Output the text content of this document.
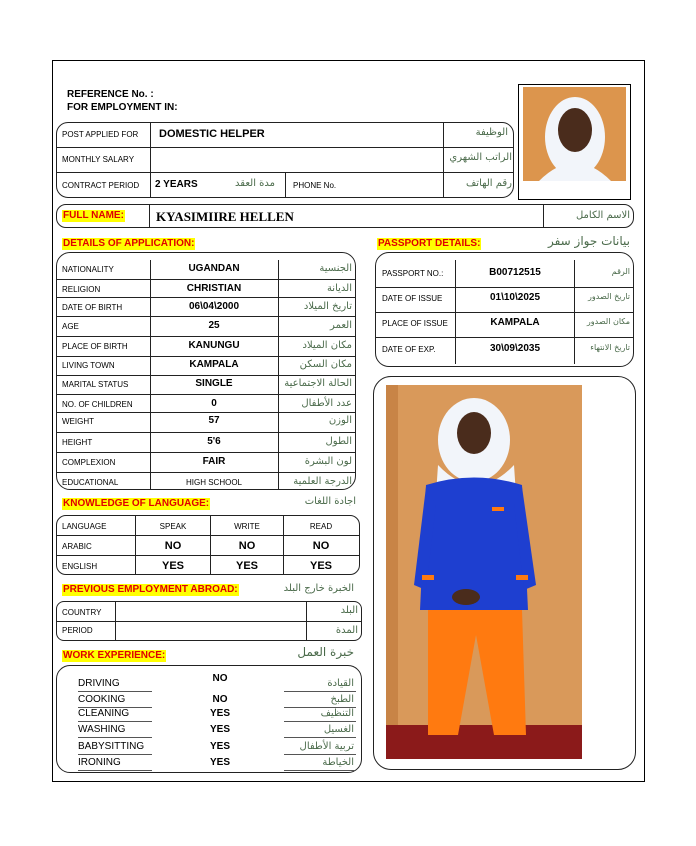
REFERENCE No. :
FOR EMPLOYMENT IN:
POST APPLIED FOR DOMESTIC HELPER	الوظيفة
MONTHLY SALARY	الراتب الشهري
CONTRACT PERIOD 2 YEARS	مدة العقد PHONE No.	رقم الهاتف
FULL NAME: KYASIMIIRE HELLEN	الاسم الكامل
DETAILS OF APPLICATION:
NATIONALITY	UGANDAN	الجنسية
RELIGION	CHRISTIAN	الديانة
DATE OF BIRTH	06\04\2000	تاريخ الميلاد
AGE	25	العمر
PLACE OF BIRTH	KANUNGU	مكان الميلاد
LIVING TOWN	KAMPALA	مكان السكن
MARITAL STATUS	SINGLE	الحالة الاجتماعية
NO. OF CHILDREN	0	عدد الأطفال
WEIGHT	57	الوزن
HEIGHT	5'6	الطول
COMPLEXION	FAIR	لون البشرة
EDUCATIONAL	HIGH SCHOOL	الدرجة العلمية
PASSPORT DETAILS:	بيانات جواز سفر
PASSPORT NO.:	B00712515	الرقم
DATE OF ISSUE	01\10\2025	تاريخ الصدور
PLACE OF ISSUE	KAMPALA	مكان الصدور
DATE OF EXP.	30\09\2035	تاريخ الانتهاء
KNOWLEDGE OF LANGUAGE:	اجادة اللغات
LANGUAGE	SPEAK	WRITE	READ
ARABIC	NO	NO	NO
ENGLISH	YES	YES	YES
PREVIOUS EMPLOYMENT ABROAD:	الخبرة خارج البلد
COUNTRY	البلد
PERIOD	المدة
WORK EXPERIENCE:	خبرة العمل
DRIVING	NO	القيادة
COOKING	NO	الطبخ
CLEANING	YES	التنظيف
WASHING	YES	الغسيل
BABYSITTING	YES	تربية الأطفال
IRONING	YES	الخياطة
